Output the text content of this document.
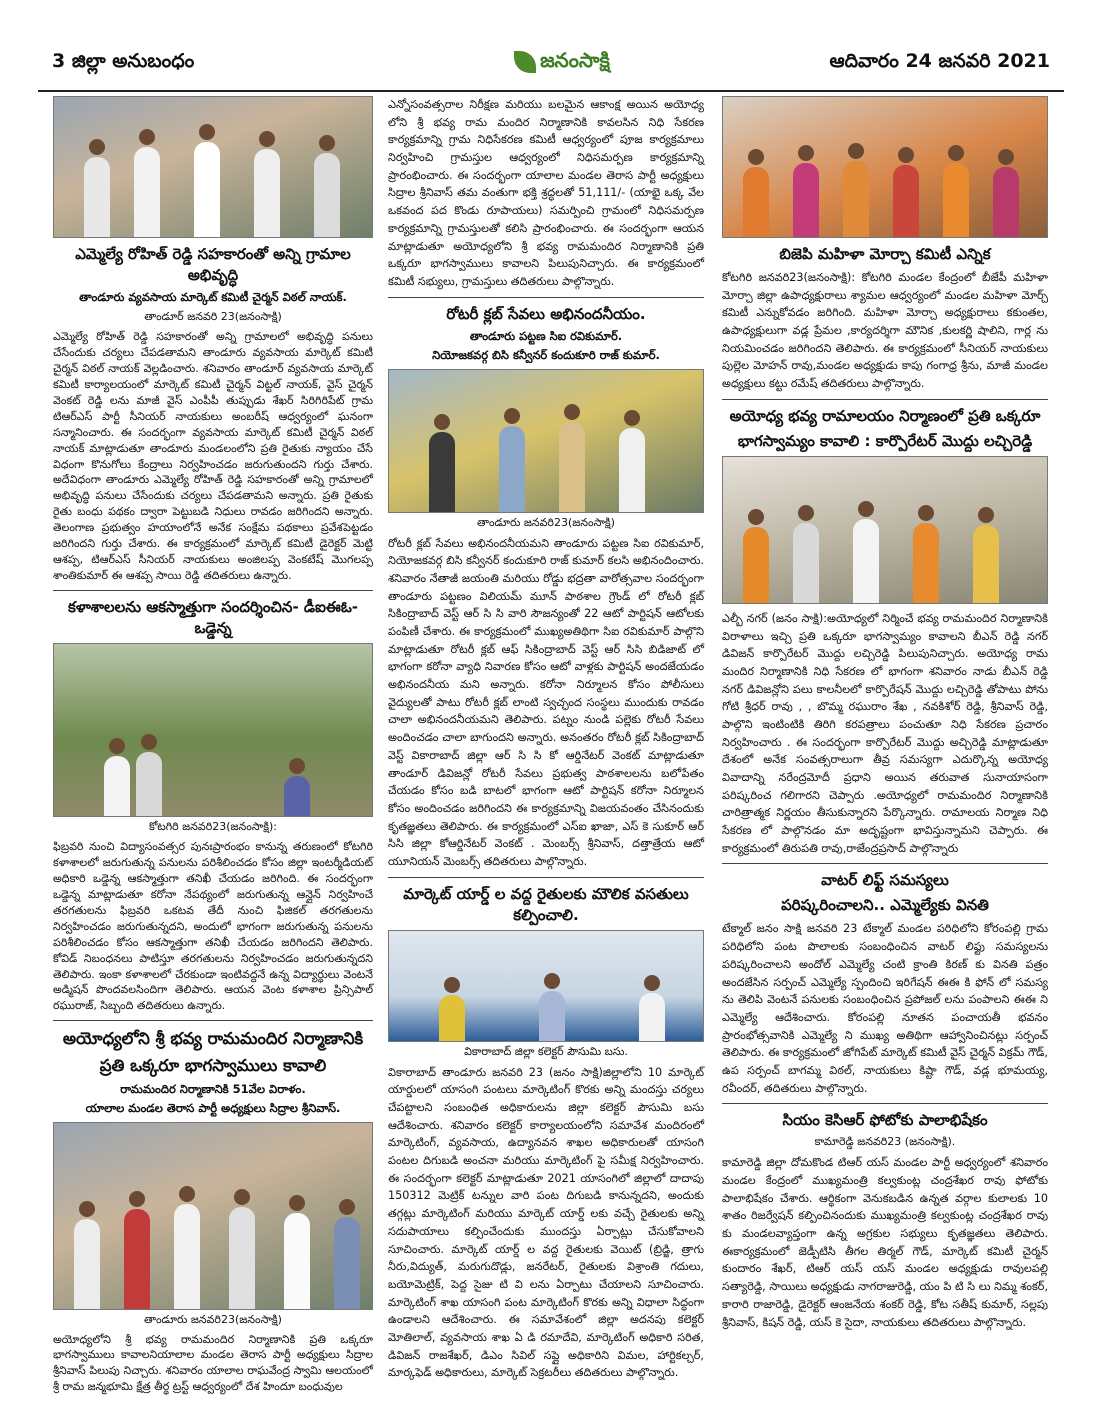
3 జిల్లా అనుబంధం	జనంసాక్షి	ఆదివారం 24 జనవరి 2021
ఎమ్మెల్యే రోహిత్ రెడ్డి సహకారంతో అన్ని గ్రామాల అభివృద్ధి
తాండూరు వ్యవసాయ మార్కెట్ కమిటీ చైర్మన్ విఠల్ నాయక్.
తాండూర్ జనవరి 23(జనంసాక్షి)

ఎమ్మెల్యే రోహిత్ రెడ్డి సహకారంతో అన్ని గ్రామాలలో అభివృద్ధి పనులు చేసేందుకు చర్యలు చేపడతామని తాండూరు వ్యవసాయ మార్కెట్ కమిటీ చైర్మన్ విఠల్ నాయక్ వెల్లడించారు. శనివారం తాండూర్ వ్యవసాయ మార్కెట్ కమిటీ కార్యాలయంలో మార్కెట్ కమిటీ చైర్మన్ విట్టల్ నాయక్, వైస్ చైర్మన్ వెంకట్ రెడ్డి లను మాజీ వైస్ ఎంపీపీ తుప్పుడు శేఖర్ సిరిగిరిపేట్ గ్రామ టిఆర్ఎస్ పార్టీ సీనియర్ నాయకులు అంబరీష్ ఆధ్వర్యంలో ఘనంగా సన్మానించారు. ఈ సందర్భంగా వ్యవసాయ మార్కెట్ కమిటీ చైర్మన్ విఠల్ నాయక్ మాట్లాడుతూ తాండూరు మండలంలోని ప్రతి రైతుకు న్యాయం చేసే విధంగా కొనుగోలు కేంద్రాలు నిర్వహించడం జరుగుతుందని గుర్తు చేశారు. అదేవిధంగా తాండూరు ఎమ్మెల్యే రోహిత్ రెడ్డి సహకారంతో అన్ని గ్రామాలలో అభివృద్ధి పనులు చేసేందుకు చర్యలు చేపడతామని అన్నారు. ప్రతి రైతుకు రైతు బంధు పథకం ద్వారా పెట్టుబడి నిధులు రావడం జరిగిందని అన్నారు. తెలంగాణ ప్రభుత్వం హయాంలోనే అనేక సంక్షేమ పథకాలు ప్రవేశపెట్టడం జరిగిందని గుర్తు చేశారు. ఈ కార్యక్రమంలో మార్కెట్ కమిటీ డైరెక్టర్ మెట్టి ఆశప్ప, టిఆర్ఎస్ సీనియర్ నాయకులు అంజిలప్ప వెంకటేష్ మొగలప్ప శాంతికుమార్ ఈ ఆశప్ప సాయి రెడ్డి తదితరులు ఉన్నారు.

కళాశాలలను ఆకస్మాత్తుగా సందర్శించిన- డీఐఈఓ-ఒడ్డెన్న
కోటగిరి జనవరి23(జనంసాక్షి):

ఫిబ్రవరి నుంచి విద్యాసంవత్సర పునఃప్రారంభం కానున్న తరుణంలో కోటగిరి కళాశాలలో జరుగుతున్న పనులను పరిశీలించడం కోసం జిల్లా ఇంటర్మీడియట్ అధికారి ఒడ్డెన్న ఆకస్మాత్తుగా తనిఖీ చేయడం జరిగింది. ఈ సందర్భంగా ఒడ్డెన్న మాట్లాడుతూ కరోనా నేపథ్యంలో జరుగుతున్న ఆన్లైన్ నిర్వహించే తరగతులను ఫిబ్రవరి ఒకటవ తేదీ నుంచి ఫిజికల్ తరగతులను నిర్వహించడం జరుగుతున్నదని, అందులో భాగంగా జరుగుతున్న పనులను పరిశీలించడం కోసం ఆకస్మాత్తుగా తనిఖీ చేయడం జరిగిందని తెలిపారు. కోవిడ్ నిబంధనలు పాటిస్తూ తరగతులను నిర్వహించడం జరుగుతున్నదని తెలిపారు. ఇంకా కళాశాలలో చేరకుండా ఇంటివద్దనే ఉన్న విద్యార్థులు వెంటనే అడ్మిషన్ పొందవలసిందిగా తెలిపారు. ఆయన వెంట కళాశాల ప్రిన్సిపాల్ రఘురాజ్, సిబ్బంది తదితరులు ఉన్నారు.

అయోధ్యలోని శ్రీ భవ్య రామమందిర నిర్మాణానికి
ప్రతి ఒక్కరూ భాగస్వాములు కావాలి
రామమందిర నిర్మాణానికి 51వేల విరాళం.
యాలాల మండల తెరాస పార్టీ అధ్యక్షులు సిద్రాల శ్రీనివాస్.
తాండూరు జనవరి23(జనంసాక్షి)

అయోధ్యలోని శ్రీ భవ్య రామమందిర నిర్మాణానికి ప్రతి ఒక్కరూ భాగస్వాములు కావాలనియాలాల మండల తెరాస పార్టీ అధ్యక్షులు సిద్రాల శ్రీనివాస్ పిలుపు నిచ్చారు. శనివారం యాలాల రాఘవేంద్ర స్వామి ఆలయంలో శ్రీ రామ జన్మభూమి క్షేత్ర తీర్థ ట్రస్ట్ ఆధ్వర్యంలో దేశ హిందూ బంధువుల

ఎన్నోసంవత్సరాల నిరీక్షణ మరియు బలమైన ఆకాంక్ష అయిన అయోధ్య లోని శ్రీ భవ్య రామ మందిర నిర్మాణానికి కావలసిన నిధి సేకరణ కార్యక్రమాన్ని గ్రామ నిధిసేకరణ కమిటీ ఆధ్వర్యంలో పూజ కార్యక్రమాలు నిర్వహించి గ్రామస్తుల ఆధ్వర్యంలో నిధిసమర్పణ కార్యక్రమాన్ని ప్రారంభించారు. ఈ సందర్భంగా యాలాల మండల తెరాస పార్టీ అధ్యక్షులు సిద్రాల శ్రీనివాస్ తమ వంతుగా భక్తి శ్రద్ధలతో 51,111/- (యాభై ఒక్క వేల ఒకవంద పద కొండు రూపాయలు) సమర్పించి గ్రామంలో నిధిసమర్పణ కార్యక్రమాన్ని గ్రామస్తులతో కలిసి ప్రారంభించారు. ఈ సందర్భంగా ఆయన మాట్లాడుతూ అయోధ్యలోని శ్రీ భవ్య రామమందిర నిర్మాణానికి ప్రతి ఒక్కరూ భాగస్వాములు కావాలని పిలుపునిచ్చారు. ఈ కార్యక్రమంలో కమిటీ సభ్యులు, గ్రామస్తులు తదితరులు పాల్గొన్నారు.

రోటరీ క్లబ్ సేవలు అభినందనీయం.
తాండూరు పట్టణ సిఐ రవికుమార్.
నియోజకవర్గ బిసి కన్వీనర్ కందుకూరి రాజ్ కుమార్.
తాండూరు జనవరి23(జనంసాక్షి)

రోటరీ క్లబ్ సేవలు అభినందనీయమని తాండూరు పట్టణ సిఐ రవికుమార్, నియోజకవర్గ బిసి కన్వీనర్ కందుకూరి రాజ్ కుమార్ కలసి అభినందించారు. శనివారం నేతాజీ జయంతి మరియు రోడ్డు భద్రతా వారోత్సవాల సందర్భంగా తాండూరు పట్టణం విలియమ్ మూన్ పాఠశాల గ్రౌండ్ లో రోటరీ క్లబ్ సికింద్రాబాద్ వెస్ట్ ఆర్ సి సి వారి సౌజన్యంతో 22 ఆటో పార్టిషన్ ఆటోలకు పంపిణీ చేశారు. ఈ కార్యక్రమంలో ముఖ్యఅతిథిగా సిఐ రవికుమార్ పాల్గొని మాట్లాడుతూ రోటరీ క్లబ్ ఆఫ్ సికింద్రాబాద్ వెస్ట్ ఆర్ సిసి బిడిజాట్ లో భాగంగా కరోనా వ్యాధి నివారణ కోసం ఆటో వాళ్లకు పార్టిషన్ అందజేయడం అభినందనీయ మని అన్నారు. కరోనా నిర్మూలన కోసం పోలీసులు వైద్యులతో పాటు రోటరీ క్లబ్ లాంటి స్వచ్ఛంద సంస్థలు ముందుకు రావడం చాలా అభినందనీయమని తెలిపారు. పట్నం నుండి పల్లెకు రోటరీ సేవలు అందించడం చాలా బాగుందని అన్నారు. అనంతరం రోటరీ క్లబ్ సికింద్రాబాద్ వెస్ట్ వికారాబాద్ జిల్లా ఆర్ సి సి కో ఆర్డినేటర్ వెంకట్ మాట్లాడుతూ తాండూర్ డివిజన్లో రోటరీ సేవలు ప్రభుత్వ పాఠశాలలను బలోపేతం చేయడం కోసం బడి బాటలో భాగంగా ఆటో పార్టిషన్ కరోనా నిర్మూలన కోసం అందించడం జరిగిందని ఈ కార్యక్రమాన్ని విజయవంతం చేసినందుకు కృతజ్ఞతలు తెలిపారు. ఈ కార్యక్రమంలో ఎస్ఐ ఖాజా, ఎస్ కె సుకూర్ ఆర్ సిసి జిల్లా కోఆర్డినేటర్ వెంకట్ . మెంబర్స్ శ్రీనివాస్, దత్తాత్రేయ ఆటో యూనియన్ మెంబర్స్ తదితరులు పాల్గొన్నారు.

మార్కెట్ యార్డ్ ల వద్ద రైతులకు మౌలిక వసతులు కల్పించాలి.
వికారాబాద్ జిల్లా కలెక్టర్ పౌసుమి బసు.

వికారాబాద్ తాండూరు జనవరి 23 (జనం సాక్షి)జిల్లాలోని 10 మార్కెట్ యార్డులలో యాసంగి పంటలు మార్కెటింగ్ కొరకు అన్ని మందస్తు చర్యలు చేపట్టాలని సంబంధిత అధికారులను జిల్లా కలెక్టర్ పౌసుమి బసు ఆదేశించారు. శనివారం కలెక్టర్ కార్యాలయంలోని సమావేశ మందిరంలో మార్కెటింగ్, వ్యవసాయ, ఉద్యానవన శాఖల అధికారులతో యాసంగి పంటల దిగుబడి అంచనా మరియు మార్కెటింగ్ పై సమీక్ష నిర్వహించారు. ఈ సందర్భంగా కలెక్టర్ మాట్లాడుతూ 2021 యాసంగిలో జిల్లాలో దాదాపు 150312 మెట్రిక్ టన్నుల వారి పంట దిగుబడి కానున్నదని, అందుకు తగ్గట్లు మార్కెటింగ్ మరియు మార్కెట్ యార్డ్ లకు వచ్చే రైతులకు అన్ని సదుపాయాలు కల్పించేందుకు ముందస్తు ఏర్పాట్లు చేసుకోవాలని సూచించారు. మార్కెట్ యార్డ్ ల వద్ద రైతులకు వెయిట్ (బ్రిడ్జి, త్రాగు నీరు,విద్యుత్, మరుగుదొడ్లు, జనరేటర్, రైతులకు విశ్రాంతి గదులు, బయోమెట్రిక్, పెద్ద సైజు టి వి లను ఏర్పాటు చేయాలని సూచించారు. మార్కెటింగ్ శాఖ యాసంగి పంట మార్కెటింగ్ కొరకు అన్ని విధాలా సిద్ధంగా ఉండాలని ఆదేశించారు. ఈ సమావేశంలో జిల్లా అదనపు కలెక్టర్ మోతిలాల్, వ్యవసాయ శాఖ ఏ డి రమాదేవి, మార్కెటింగ్ అధికారి సరిత, డివిజన్ రాజశేఖర్, డిఎం సివిల్ సప్లై అధికారిని విమల, హార్టికల్చర్, మార్కఫెడ్ అధికారులు, మార్కెట్ సెక్రటరీలు తదితరులు పాల్గొన్నారు.

బిజెపి మహిళా మోర్చా కమిటీ ఎన్నిక

కోటగిరి జనవరి23(జనంసాక్షి): కోటగిరి మండల కేంద్రంలో బీజేపీ మహిళా మోర్చా జిల్లా ఉపాధ్యక్షురాలు శ్యామల ఆధ్వర్యంలో మండల మహిళా మోర్చ్ కమిటీ ఎన్నుకోవడం జరిగింది. మహిళా మోర్చా అధ్యక్షురాలు కకుంతల, ఉపాధ్యక్షులుగా వడ్ల ప్రేమల ,కార్యదర్శిగా మౌనిక ,కులకర్ణి షాలిని, గార్ల ను నియమించడం జరిగిందని తెలిపారు. ఈ కార్యక్రమంలో సీనియర్ నాయకులు పుల్లెల మోహన్ రావు,మండల అధ్యక్షుడు కాపు గంగాధ్ర శ్రీను, మాజీ మండల అధ్యక్షులు కట్టు రమేష్ తదితరులు పాల్గొన్నారు.

అయోధ్య భవ్య రామాలయం నిర్మాణంలో ప్రతి ఒక్కరూ
భాగస్వామ్యం కావాలి : కార్పొరేటర్ మొద్దు లచ్చిరెడ్డి

ఎల్బీ నగర్ (జనం సాక్షి):అయోధ్యలో నిర్మించే భవ్య రామమందిర నిర్మాణానికి విరాళాలు ఇచ్చి ప్రతి ఒక్కరూ భాగస్వామ్యం కావాలని బీఎన్ రెడ్డి నగర్ డివిజన్ కార్పొరేటర్ మొద్దు లచ్చిరెడ్డి పిలుపునిచ్చారు. అయోధ్య రామ మందిర నిర్మాణానికి నిధి సేకరణ లో భాగంగా శనివారం నాడు బీఎన్ రెడ్డి నగర్ డివిజన్లోని పలు కాలనీలలో కార్పొరేషన్ మొద్దు లచ్చిరెడ్డి తోపాటు పోను గోటి శ్రీధర్ రావు , , బొమ్మ రఘురాం శేఖ , నవకిశోర్ రెడ్డి, శ్రీనివాస్ రెడ్డి, పాల్గొని ఇంటింటికి తిరిగి కరపత్రాలు పంచుతూ నిధి సేకరణ ప్రచారం నిర్వహించారు . ఈ సందర్భంగా కార్పొరేటర్ మొద్దు అచ్చిరెడ్డి మాట్లాడుతూ దేశంలో అనేక సంవత్సరాలుగా తీవ్ర సమస్యగా ఎదుర్కొన్న అయోధ్య వివాదాన్ని నరేంద్రమోదీ ప్రధాని అయిన తరువాత సునాయాసంగా పరిష్కరించ గలిగారని చెప్పారు .అయోధ్యలో రామమందిర నిర్మాణానికి చారిత్రాత్మక నిర్ణయం తీసుకున్నారని పేర్కొన్నారు. రామాలయ నిర్మాణ నిధి సేకరణ లో పాల్గొనడం మా అదృష్టంగా భావిస్తున్నామని చెప్పారు. ఈ కార్యక్రమంలో తిరుపతి రావు,రాజేంద్రప్రసాద్ పాల్గొన్నారు

వాటర్ లిఫ్ట్ సమస్యలు
పరిష్కరించాలని.. ఎమ్మెల్యేకు వినతి

టేక్మాల్ జనం సాక్షి జనవరి 23 టేక్మాల్ మండల పరిధిలోని కోరంపల్లి గ్రామ పరిధిలోని పంట పొలాలకు సంబంధించిన వాటర్ లిఫ్టు సమస్యలను పరిష్కరించాలని అందోల్ ఎమ్మెల్యే చంటి క్రాంతి కిరణ్ కు వినతి పత్రం అందజేసిన సర్పంచ్ ఎమ్మెల్యే స్పందించి ఇరిగేషన్ ఈఈ కి ఫోన్ లో సమస్య ను తెలిపి వెంటనే పనులకు సంబంధించిన ప్రపోజల్ లను పంపాలని ఈఈ ని ఎమ్మెల్యే ఆదేశించారు. కోరంపల్లి నూతన పంచాయతీ భవనం ప్రారంభోత్సవానికి ఎమ్మెల్యే ని ముఖ్య అతిథిగా ఆహ్వానించినట్లు సర్పంచ్ తెలిపారు. ఈ కార్యక్రమంలో జోగిపేట్ మార్కెట్ కమిటీ వైస్ చైర్మన్ విక్రమ్ గౌడ్, ఉప సర్పంచ్ బాగమ్మ విఠల్, నాయకులు కిష్టా గౌడ్, వడ్ల భూమయ్య, రవీందర్, తదితరులు పాల్గొన్నారు.

సియం కెసిఆర్ ఫోటోకు పాలాభిషేకం
కామారెడ్డి జనవరి23 (జనంసాక్షి).

కామారెడ్డి జిల్లా దోమకొండ టిఆర్ యస్ మండల పార్టీ అధ్వర్యంలో శనివారం మండల కేంద్రంలో ముఖ్యమంత్రి కల్వకుంట్ల చంద్రశేఖర రావు ఫోటోకు పాలాభిషేకం చేశారు. ఆర్థికంగా వెనుకబడిన ఉన్నత వర్గాల కులాలకు 10 శాతం రిజర్వేషన్ కల్పించినందుకు ముఖ్యమంత్రి కల్వకుంట్ల చంద్రశేఖర రావు కు మండలవ్యాప్తంగా ఉన్న అగ్రకుల సభ్యులు కృతజ్ఞతలు తెలిపారు. ఈకార్యక్రమంలో జెడ్పీటిసి తీగల తిర్మల్ గౌడ్, మార్కెట్ కమిటీ చైర్మన్ కుందారం శేఖర్, టిఆర్ యస్ యస్ మండల అధ్యక్షుడు రావులపల్లి సత్యారెడ్డి, సాయిలు అధ్యక్షుడు నాగరాజురెడ్డి, యం పి టి సి లు నిమ్మ శంకర్, కారారి రాజారెడ్డి, డైరెక్టర్ ఆంజనేయ శంకర్ రెడ్డి, కోట సతీష్ కుమార్, సల్లపు శ్రీనివాస్, కిషన్ రెడ్డి, యస్ కె సైదా, నాయకులు తదితరులు పాల్గొన్నారు.
